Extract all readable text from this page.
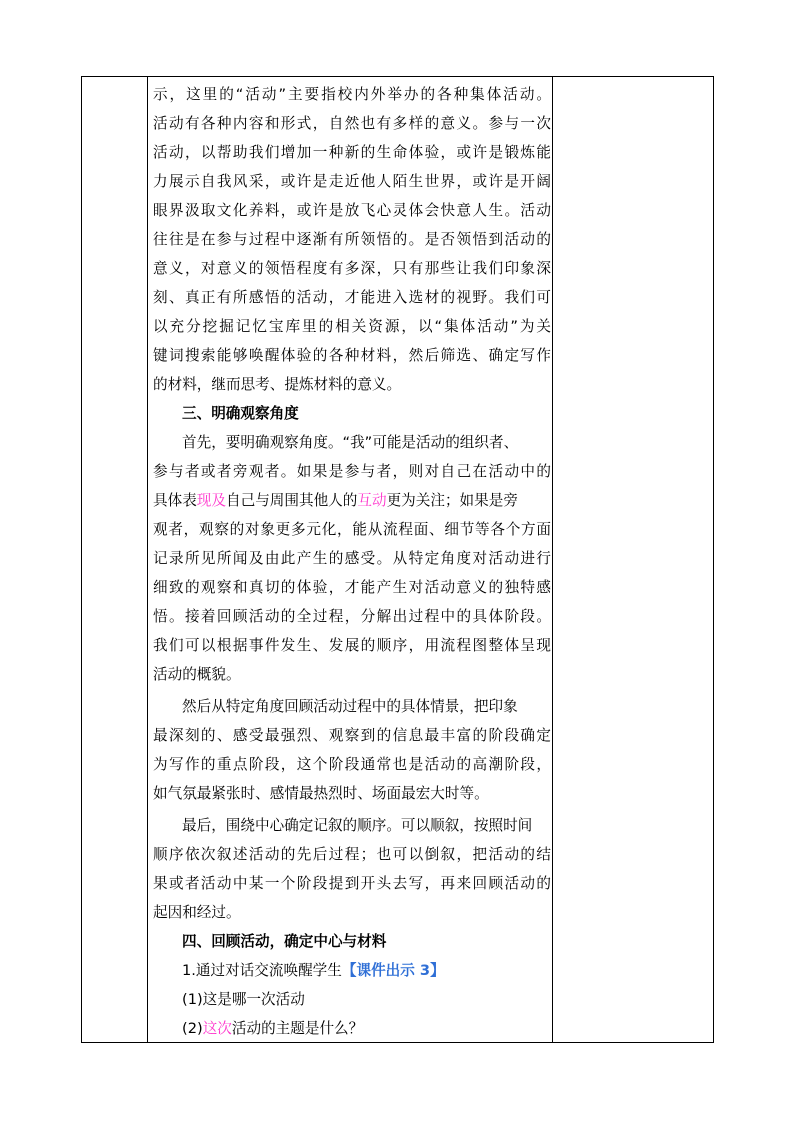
示，这里的“活动”主要指校内外举办的各种集体活动。
活动有各种内容和形式，自然也有多样的意义。参与一次
活动，以帮助我们增加一种新的生命体验，或许是锻炼能
力展示自我风采，或许是走近他人陌生世界，或许是开阔
眼界汲取文化养料，或许是放飞心灵体会快意人生。活动
往往是在参与过程中逐渐有所领悟的。是否领悟到活动的
意义，对意义的领悟程度有多深，只有那些让我们印象深
刻、真正有所感悟的活动，才能进入选材的视野。我们可
以充分挖掘记忆宝库里的相关资源，以“集体活动”为关
键词搜索能够唤醒体验的各种材料，然后筛选、确定写作
的材料，继而思考、提炼材料的意义。
三、明确观察角度
首先，要明确观察角度。“我”可能是活动的组织者、
参与者或者旁观者。如果是参与者，则对自己在活动中的
具体表现及自己与周围其他人的互动更为关注；如果是旁
观者，观察的对象更多元化，能从流程面、细节等各个方面
记录所见所闻及由此产生的感受。从特定角度对活动进行
细致的观察和真切的体验，才能产生对活动意义的独特感
悟。接着回顾活动的全过程，分解出过程中的具体阶段。
我们可以根据事件发生、发展的顺序，用流程图整体呈现
活动的概貌。
然后从特定角度回顾活动过程中的具体情景，把印象
最深刻的、感受最强烈、观察到的信息最丰富的阶段确定
为写作的重点阶段，这个阶段通常也是活动的高潮阶段，
如气氛最紧张时、感情最热烈时、场面最宏大时等。
最后，围绕中心确定记叙的顺序。可以顺叙，按照时间
顺序依次叙述活动的先后过程；也可以倒叙，把活动的结
果或者活动中某一个阶段提到开头去写，再来回顾活动的
起因和经过。
四、回顾活动，确定中心与材料
1.通过对话交流唤醒学生【课件出示 3】
(1)这是哪一次活动
(2)这次活动的主题是什么？
